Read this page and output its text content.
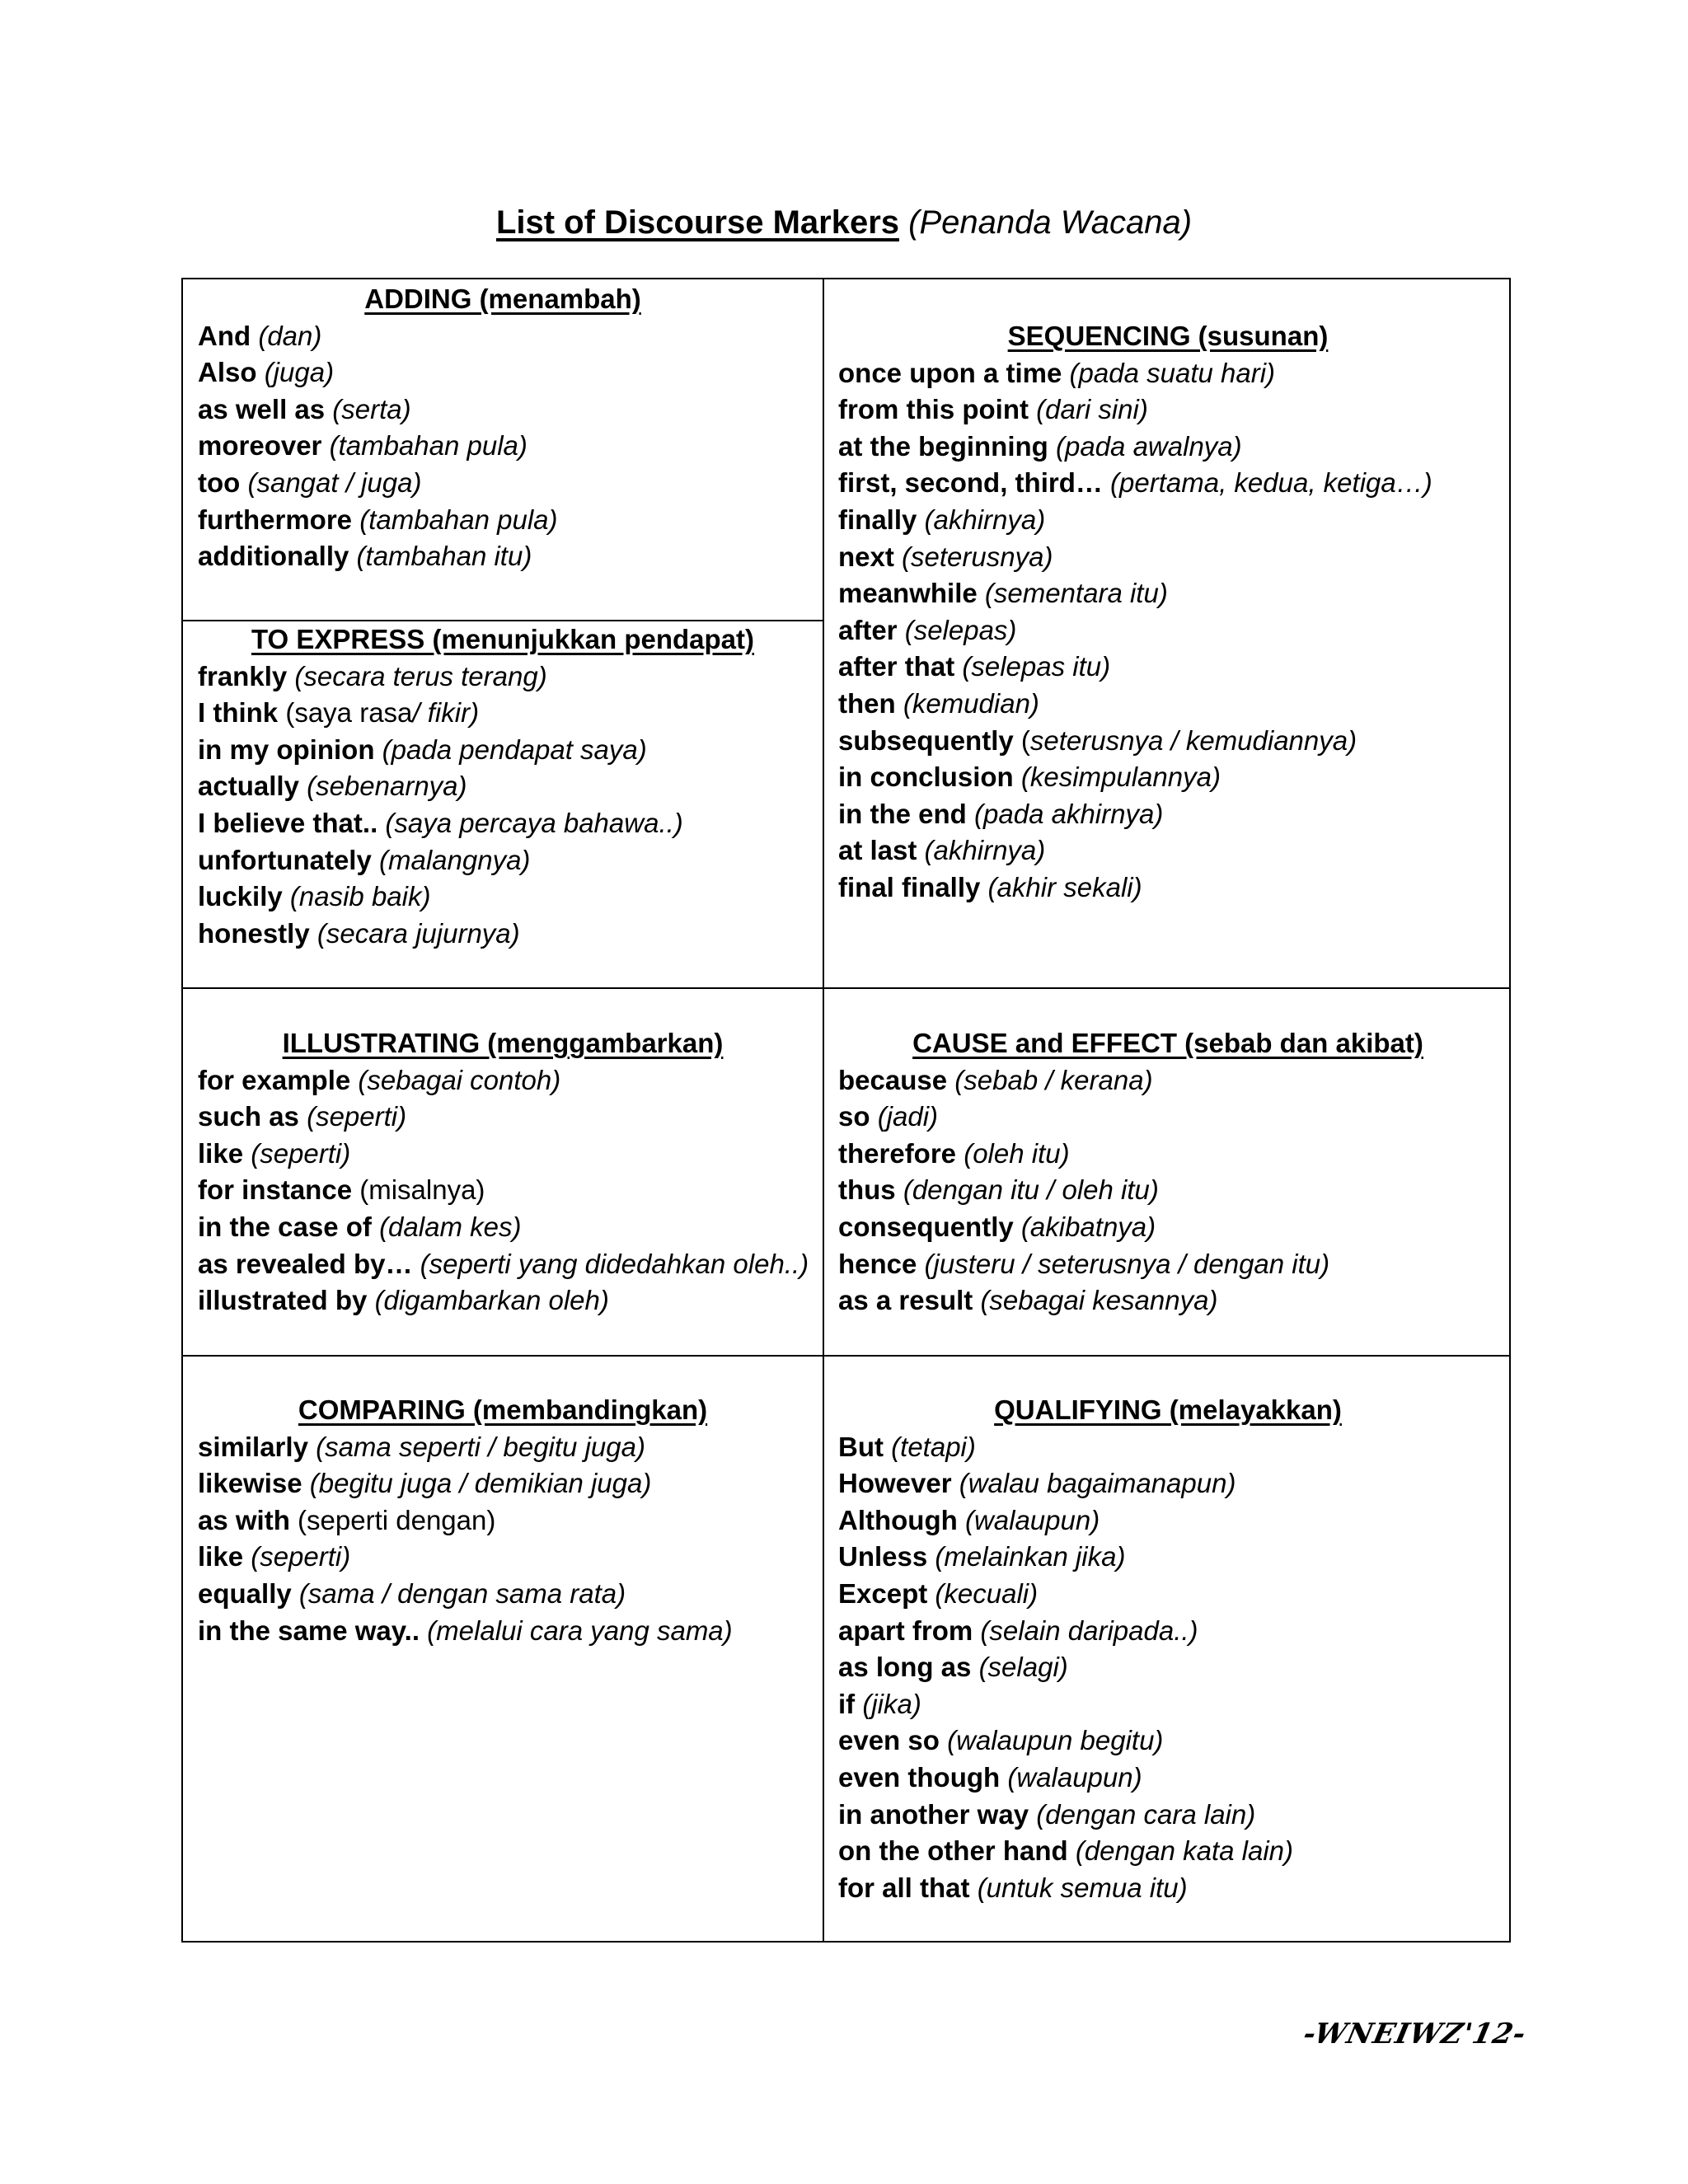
List of Discourse Markers (Penanda Wacana)
ADDING (menambah)
And (dan)
Also (juga)
as well as (serta)
moreover (tambahan pula)
too (sangat / juga)
furthermore (tambahan pula)
additionally (tambahan itu)
TO EXPRESS (menunjukkan pendapat)
frankly (secara terus terang)
I think (saya rasa/ fikir)
in my opinion (pada pendapat saya)
actually (sebenarnya)
I believe that.. (saya percaya bahawa..)
unfortunately (malangnya)
luckily (nasib baik)
honestly (secara jujurnya)
SEQUENCING (susunan)
once upon a time (pada suatu hari)
from this point (dari sini)
at the beginning (pada awalnya)
first, second, third… (pertama, kedua, ketiga…)
finally (akhirnya)
next (seterusnya)
meanwhile (sementara itu)
after (selepas)
after that (selepas itu)
then (kemudian)
subsequently (seterusnya / kemudiannya)
in conclusion (kesimpulannya)
in the end (pada akhirnya)
at last (akhirnya)
final finally (akhir sekali)
ILLUSTRATING (menggambarkan)
for example (sebagai contoh)
such as (seperti)
like (seperti)
for instance (misalnya)
in the case of (dalam kes)
as revealed by… (seperti yang didedahkan oleh..)
illustrated by (digambarkan oleh)
CAUSE and EFFECT (sebab dan akibat)
because (sebab / kerana)
so (jadi)
therefore (oleh itu)
thus (dengan itu / oleh itu)
consequently (akibatnya)
hence (justeru / seterusnya / dengan itu)
as a result (sebagai kesannya)
COMPARING (membandingkan)
similarly (sama seperti / begitu juga)
likewise (begitu juga / demikian juga)
as with (seperti dengan)
like (seperti)
equally (sama / dengan sama rata)
in the same way.. (melalui cara yang sama)
QUALIFYING (melayakkan)
But (tetapi)
However (walau bagaimanapun)
Although (walaupun)
Unless (melainkan jika)
Except (kecuali)
apart from (selain daripada..)
as long as (selagi)
if (jika)
even so (walaupun begitu)
even though (walaupun)
in another way (dengan cara lain)
on the other hand (dengan kata lain)
for all that (untuk semua itu)
-WNEIWZ'12-
